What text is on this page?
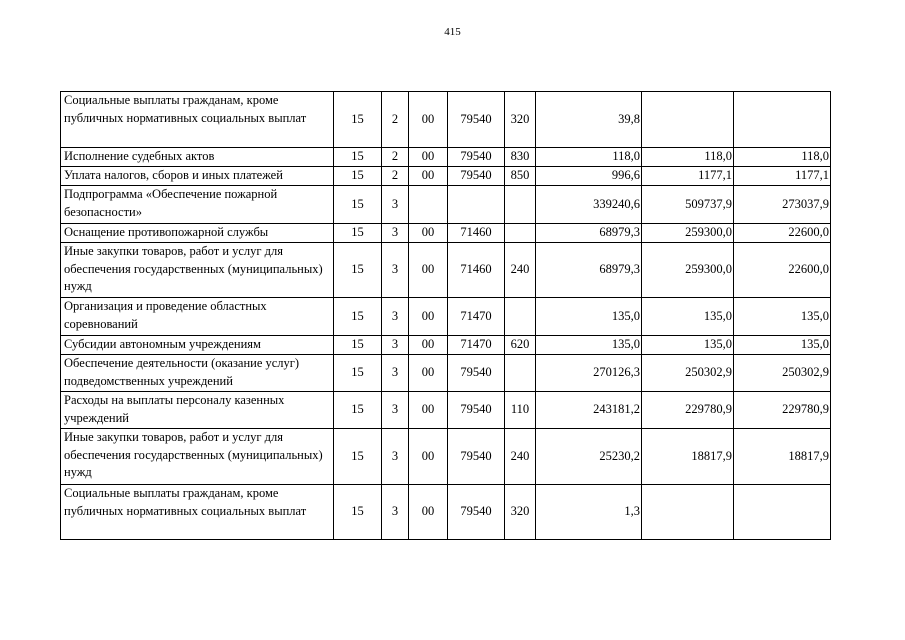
415
Социальные выплаты гражданам, кроме публичных нормативных социальных выплат	15	2	00	79540	320	39,8		
Исполнение судебных актов	15	2	00	79540	830	118,0	118,0	118,0
Уплата налогов, сборов и иных платежей	15	2	00	79540	850	996,6	1177,1	1177,1
Подпрограмма «Обеспечение пожарной безопасности»	15	3				339240,6	509737,9	273037,9
Оснащение противопожарной службы	15	3	00	71460		68979,3	259300,0	22600,0
Иные закупки товаров, работ и услуг для обеспечения государственных (муниципальных) нужд	15	3	00	71460	240	68979,3	259300,0	22600,0
Организация и проведение областных соревнований	15	3	00	71470		135,0	135,0	135,0
Субсидии автономным учреждениям	15	3	00	71470	620	135,0	135,0	135,0
Обеспечение деятельности (оказание услуг) подведомственных учреждений	15	3	00	79540		270126,3	250302,9	250302,9
Расходы на выплаты персоналу казенных учреждений	15	3	00	79540	110	243181,2	229780,9	229780,9
Иные закупки товаров, работ и услуг для обеспечения государственных (муниципальных) нужд	15	3	00	79540	240	25230,2	18817,9	18817,9
Социальные выплаты гражданам, кроме публичных нормативных социальных выплат	15	3	00	79540	320	1,3		
